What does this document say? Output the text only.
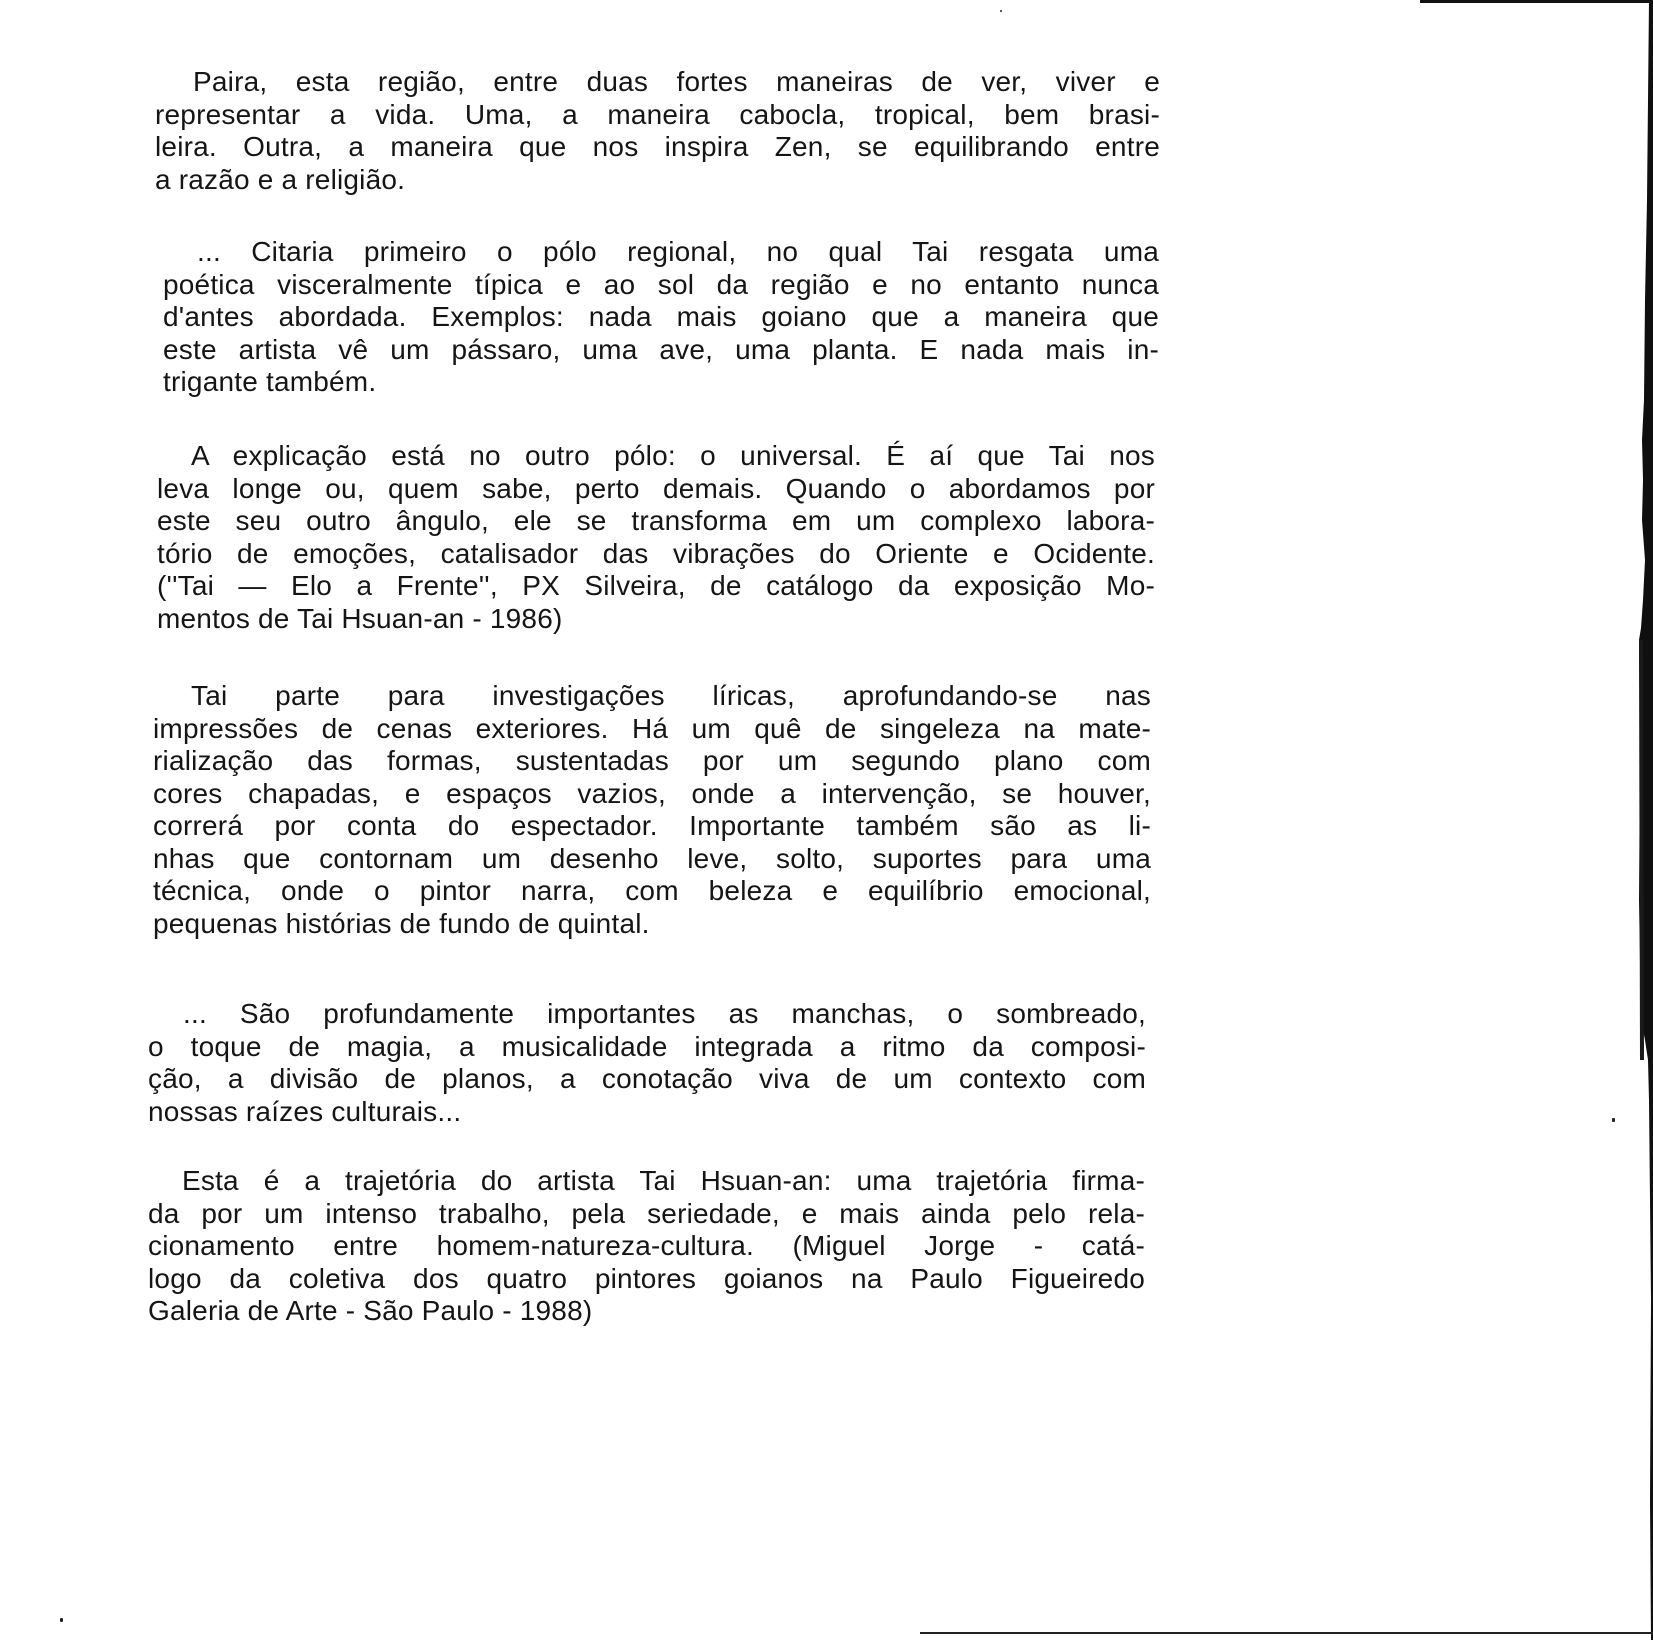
Paira, esta região, entre duas fortes maneiras de ver, viver e
representar a vida. Uma, a maneira cabocla, tropical, bem brasi-
leira. Outra, a maneira que nos inspira Zen, se equilibrando entre
a razão e a religião.
... Citaria primeiro o pólo regional, no qual Tai resgata uma
poética visceralmente típica e ao sol da região e no entanto nunca
d'antes abordada. Exemplos: nada mais goiano que a maneira que
este artista vê um pássaro, uma ave, uma planta. E nada mais in-
trigante também.
A explicação está no outro pólo: o universal. É aí que Tai nos
leva longe ou, quem sabe, perto demais. Quando o abordamos por
este seu outro ângulo, ele se transforma em um complexo labora-
tório de emoções, catalisador das vibrações do Oriente e Ocidente.
(''Tai — Elo a Frente'', PX Silveira, de catálogo da exposição Mo-
mentos de Tai Hsuan-an - 1986)
Tai parte para investigações líricas, aprofundando-se nas
impressões de cenas exteriores. Há um quê de singeleza na mate-
rialização das formas, sustentadas por um segundo plano com
cores chapadas, e espaços vazios, onde a intervenção, se houver,
correrá por conta do espectador. Importante também são as li-
nhas que contornam um desenho leve, solto, suportes para uma
técnica, onde o pintor narra, com beleza e equilíbrio emocional,
pequenas histórias de fundo de quintal.
... São profundamente importantes as manchas, o sombreado,
o toque de magia, a musicalidade integrada a ritmo da composi-
ção, a divisão de planos, a conotação viva de um contexto com
nossas raízes culturais...
Esta é a trajetória do artista Tai Hsuan-an: uma trajetória firma-
da por um intenso trabalho, pela seriedade, e mais ainda pelo rela-
cionamento entre homem-natureza-cultura. (Miguel Jorge - catá-
logo da coletiva dos quatro pintores goianos na Paulo Figueiredo
Galeria de Arte - São Paulo - 1988)
